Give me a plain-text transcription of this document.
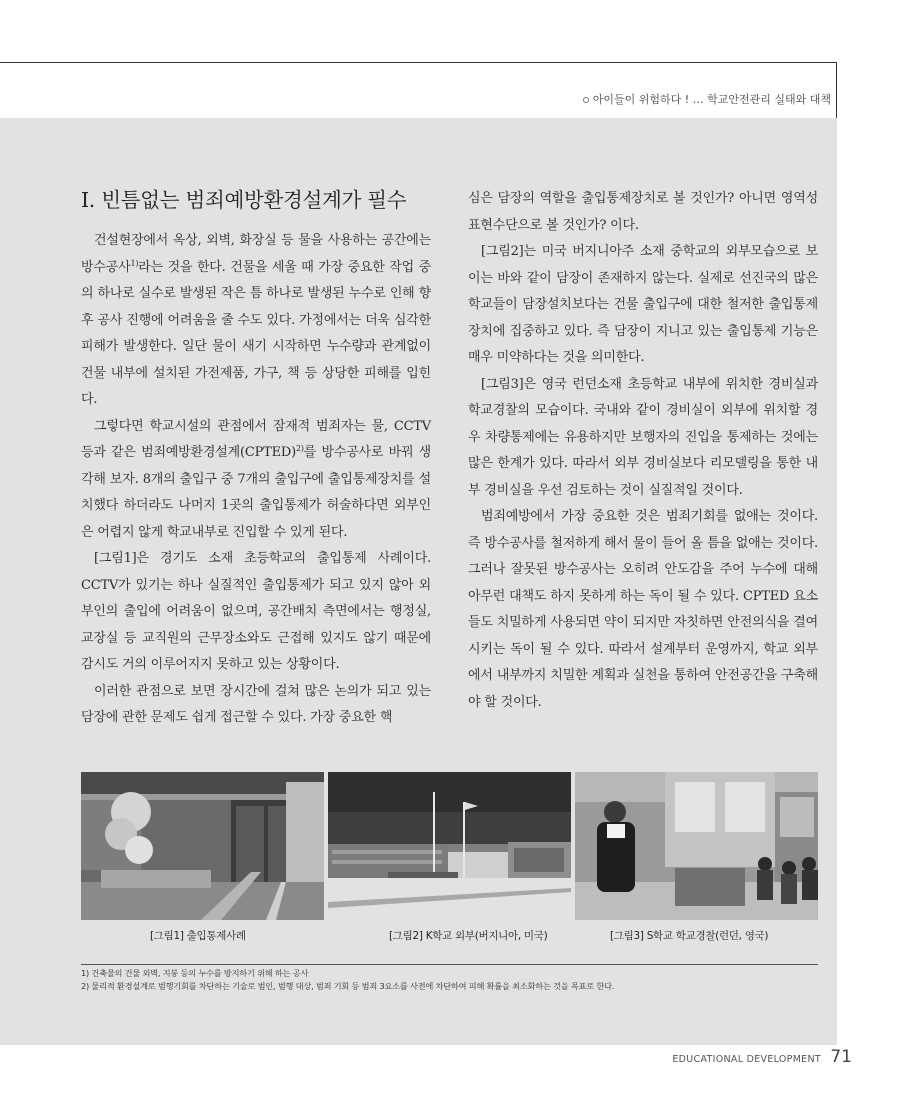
아이들이 위험하다 ! … 학교안전관리 실태와 대책
Ⅰ. 빈틈없는 범죄예방환경설계가 필수

건설현장에서 옥상, 외벽, 화장실 등 물을 사용하는 공간에는 방수공사$^{1)}$라는 것을 한다. 건물을 세울 때 가장 중요한 작업 중의 하나로 실수로 발생된 작은 틈 하나로 발생된 누수로 인해 향후 공사 진행에 어려움을 줄 수도 있다. 가정에서는 더욱 심각한 피해가 발생한다. 일단 물이 새기 시작하면 누수량과 관계없이 건물 내부에 설치된 가전제품, 가구, 책 등 상당한 피해를 입힌다.

그렇다면 학교시설의 관점에서 잠재적 범죄자는 물, CCTV 등과 같은 범죄예방환경설계(CPTED)$^{2)}$를 방수공사로 바꿔 생각해 보자. 8개의 출입구 중 7개의 출입구에 출입통제장치를 설치했다 하더라도 나머지 1곳의 출입통제가 허술하다면 외부인은 어렵지 않게 학교내부로 진입할 수 있게 된다.

[그림1]은 경기도 소재 초등학교의 출입통제 사례이다. CCTV가 있기는 하나 실질적인 출입통제가 되고 있지 않아 외부인의 출입에 어려움이 없으며, 공간배치 측면에서는 행정실, 교장실 등 교직원의 근무장소와도 근접해 있지도 않기 때문에 감시도 거의 이루어지지 못하고 있는 상황이다.

이러한 관점으로 보면 장시간에 걸쳐 많은 논의가 되고 있는 담장에 관한 문제도 쉽게 접근할 수 있다. 가장 중요한 핵

심은 담장의 역할을 출입통제장치로 볼 것인가? 아니면 영역성 표현수단으로 볼 것인가? 이다.

[그림2]는 미국 버지니아주 소재 중학교의 외부모습으로 보이는 바와 같이 담장이 존재하지 않는다. 실제로 선진국의 많은 학교들이 담장설치보다는 건물 출입구에 대한 철저한 출입통제장치에 집중하고 있다. 즉 담장이 지니고 있는 출입통제 기능은 매우 미약하다는 것을 의미한다.

[그림3]은 영국 런던소재 초등학교 내부에 위치한 경비실과 학교경찰의 모습이다. 국내와 같이 경비실이 외부에 위치할 경우 차량통제에는 유용하지만 보행자의 진입을 통제하는 것에는 많은 한계가 있다. 따라서 외부 경비실보다 리모델링을 통한 내부 경비실을 우선 검토하는 것이 실질적일 것이다.

범죄예방에서 가장 중요한 것은 범죄기회를 없애는 것이다. 즉 방수공사를 철저하게 해서 물이 들어 올 틈을 없애는 것이다. 그러나 잘못된 방수공사는 오히려 안도감을 주어 누수에 대해 아무런 대책도 하지 못하게 하는 독이 될 수 있다. CPTED 요소들도 치밀하게 사용되면 약이 되지만 자칫하면 안전의식을 결여시키는 독이 될 수 있다. 따라서 설계부터 운영까지, 학교 외부에서 내부까지 치밀한 계획과 실천을 통하여 안전공간을 구축해야 할 것이다.

[그림1] 출입통제사례	[그림2] K학교 외부(버지니아, 미국)	[그림3] S학교 학교경찰(런던, 영국)
1) 건축물의 건물 외벽, 지붕 등의 누수를 방지하기 위해 하는 공사
2) 물리적 환경설계로 범행기회를 차단하는 기술로 범인, 범행 대상, 범죄 기회 등 범죄 3요소를 사전에 차단하여 피해 확률을 최소화하는 것을 목표로 한다.
EDUCATIONAL DEVELOPMENT 71
